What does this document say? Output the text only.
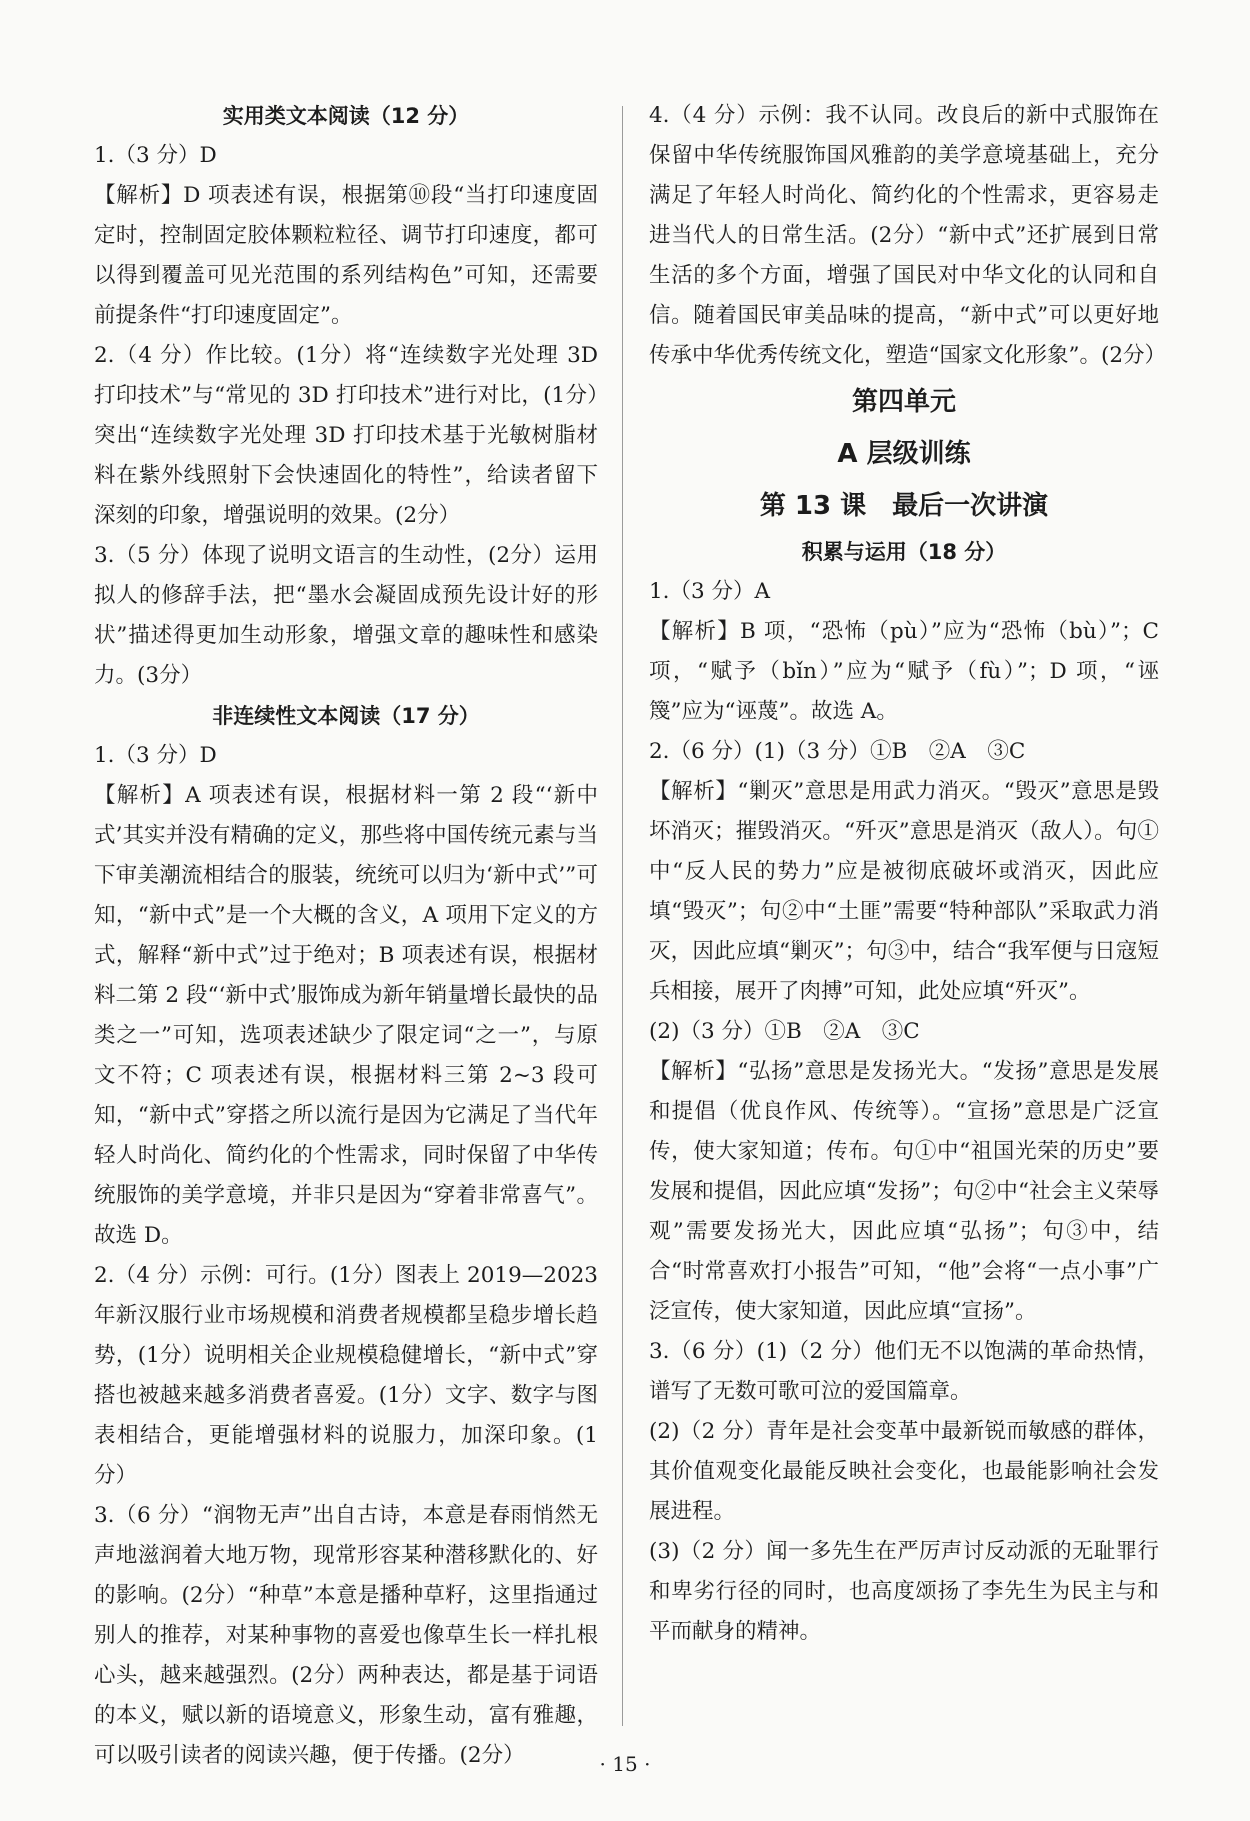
实用类文本阅读（12 分）

1.（3 分）D

【解析】D 项表述有误，根据第⑩段“当打印速度固定时，控制固定胶体颗粒粒径、调节打印速度，都可以得到覆盖可见光范围的系列结构色”可知，还需要前提条件“打印速度固定”。

2.（4 分）作比较。(1分）将“连续数字光处理 3D 打印技术”与“常见的 3D 打印技术”进行对比，(1分）突出“连续数字光处理 3D 打印技术基于光敏树脂材料在紫外线照射下会快速固化的特性”，给读者留下深刻的印象，增强说明的效果。(2分）

3.（5 分）体现了说明文语言的生动性，(2分）运用拟人的修辞手法，把“墨水会凝固成预先设计好的形状”描述得更加生动形象，增强文章的趣味性和感染力。(3分）

非连续性文本阅读（17 分）

1.（3 分）D

【解析】A 项表述有误，根据材料一第 2 段“‘新中式’其实并没有精确的定义，那些将中国传统元素与当下审美潮流相结合的服装，统统可以归为‘新中式’”可知，“新中式”是一个大概的含义，A 项用下定义的方式，解释“新中式”过于绝对；B 项表述有误，根据材料二第 2 段“‘新中式’服饰成为新年销量增长最快的品类之一”可知，选项表述缺少了限定词“之一”，与原文不符；C 项表述有误，根据材料三第 2~3 段可知，“新中式”穿搭之所以流行是因为它满足了当代年轻人时尚化、简约化的个性需求，同时保留了中华传统服饰的美学意境，并非只是因为“穿着非常喜气”。故选 D。

2.（4 分）示例：可行。(1分）图表上 2019—2023 年新汉服行业市场规模和消费者规模都呈稳步增长趋势，(1分）说明相关企业规模稳健增长，“新中式”穿搭也被越来越多消费者喜爱。(1分）文字、数字与图表相结合，更能增强材料的说服力，加深印象。(1分）

3.（6 分）“润物无声”出自古诗，本意是春雨悄然无声地滋润着大地万物，现常形容某种潜移默化的、好的影响。(2分）“种草”本意是播种草籽，这里指通过别人的推荐，对某种事物的喜爱也像草生长一样扎根心头，越来越强烈。(2分）两种表达，都是基于词语的本义，赋以新的语境意义，形象生动，富有雅趣，可以吸引读者的阅读兴趣，便于传播。(2分）

4.（4 分）示例：我不认同。改良后的新中式服饰在保留中华传统服饰国风雅韵的美学意境基础上，充分满足了年轻人时尚化、简约化的个性需求，更容易走进当代人的日常生活。(2分）“新中式”还扩展到日常生活的多个方面，增强了国民对中华文化的认同和自信。随着国民审美品味的提高，“新中式”可以更好地传承中华优秀传统文化，塑造“国家文化形象”。(2分）

第四单元

A 层级训练

第 13 课　最后一次讲演

积累与运用（18 分）

1.（3 分）A

【解析】B 项，“恐怖（pù）”应为“恐怖（bù）”；C 项，“赋予（bǐn）”应为“赋予（fù）”；D 项，“诬篾”应为“诬蔑”。故选 A。

2.（6 分）(1)（3 分）①B　②A　③C

【解析】“剿灭”意思是用武力消灭。“毁灭”意思是毁坏消灭；摧毁消灭。“歼灭”意思是消灭（敌人）。句①中“反人民的势力”应是被彻底破坏或消灭，因此应填“毁灭”；句②中“土匪”需要“特种部队”采取武力消灭，因此应填“剿灭”；句③中，结合“我军便与日寇短兵相接，展开了肉搏”可知，此处应填“歼灭”。

(2)（3 分）①B　②A　③C

【解析】“弘扬”意思是发扬光大。“发扬”意思是发展和提倡（优良作风、传统等）。“宣扬”意思是广泛宣传，使大家知道；传布。句①中“祖国光荣的历史”要发展和提倡，因此应填“发扬”；句②中“社会主义荣辱观”需要发扬光大，因此应填“弘扬”；句③中，结合“时常喜欢打小报告”可知，“他”会将“一点小事”广泛宣传，使大家知道，因此应填“宣扬”。

3.（6 分）(1)（2 分）他们无不以饱满的革命热情，谱写了无数可歌可泣的爱国篇章。

(2)（2 分）青年是社会变革中最新锐而敏感的群体，其价值观变化最能反映社会变化，也最能影响社会发展进程。

(3)（2 分）闻一多先生在严厉声讨反动派的无耻罪行和卑劣行径的同时，也高度颂扬了李先生为民主与和平而献身的精神。

· 15 ·
